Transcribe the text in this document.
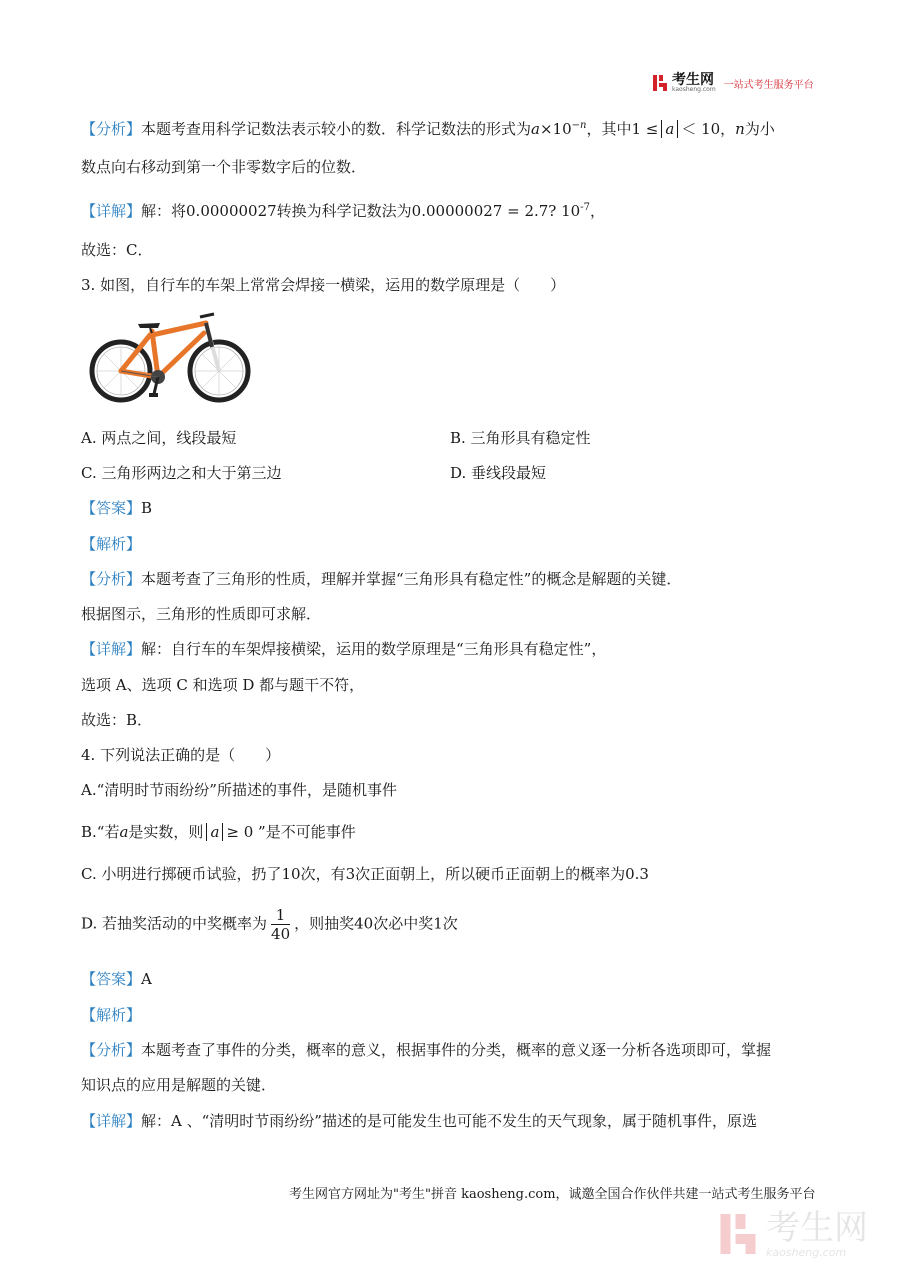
考生网
kaosheng.com 一站式考生服务平台
【分析】本题考查用科学记数法表示较小的数．科学记数法的形式为$a\times 10^{-n}$，其中1 ≤ a ＜ 10，n为小
数点向右移动到第一个非零数字后的位数．
【详解】解：将0.00000027转换为科学记数法为0.00000027 = 2.7? $10^{-7}$，
故选：C．
3. 如图，自行车的车架上常常会焊接一横梁，运用的数学原理是（　　）
A. 两点之间，线段最短	B. 三角形具有稳定性
C. 三角形两边之和大于第三边	D. 垂线段最短
【答案】B
【解析】
【分析】本题考查了三角形的性质，理解并掌握“三角形具有稳定性”的概念是解题的关键．
根据图示，三角形的性质即可求解．
【详解】解：自行车的车架焊接横梁，运用的数学原理是“三角形具有稳定性”，
选项 A、选项 C 和选项 D 都与题干不符，
故选：B．
4. 下列说法正确的是（　　）
A.“清明时节雨纷纷”所描述的事件，是随机事件
B.“若a是实数，则 a ≥ 0 ”是不可能事件
C. 小明进行掷硬币试验，扔了10次，有3次正面朝上，所以硬币正面朝上的概率为0.3
D. 若抽奖活动的中奖概率为 $\frac{1}{40}$ ，则抽奖40次必中奖1次
【答案】A
【解析】
【分析】本题考查了事件的分类，概率的意义，根据事件的分类，概率的意义逐一分析各选项即可，掌握
知识点的应用是解题的关键．
【详解】解：A 、“清明时节雨纷纷”描述的是可能发生也可能不发生的天气现象，属于随机事件，原选
考生网官方网址为"考生"拼音 kaosheng.com，诚邀全国合作伙伴共建一站式考生服务平台
考生网
kaosheng.com
